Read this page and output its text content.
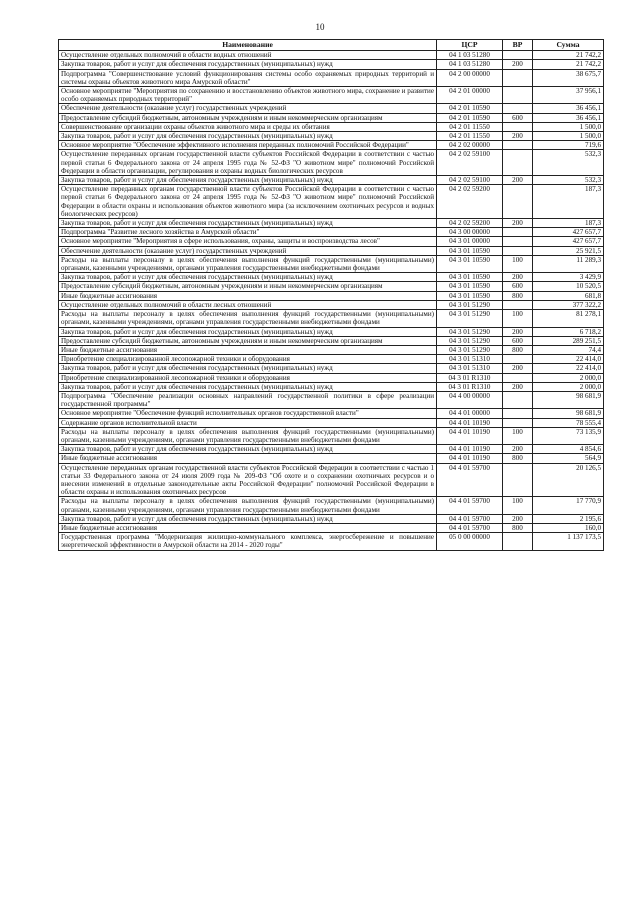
10
Наименование	ЦСР	ВР	Сумма
Осуществление отдельных полномочий в области водных отношений	04 1 03 51280		21 742,2
Закупка товаров, работ и услуг для обеспечения государственных (муниципальных) нужд	04 1 03 51280	200	21 742,2
Подпрограмма "Совершенствование условий функционирования системы особо охраняемых природных территорий и системы охраны объектов животного мира Амурской области"	04 2 00 00000		38 675,7
Основное мероприятие "Мероприятия по сохранению и восстановлению объектов животного мира, сохранение и развитие особо охраняемых природных территорий"	04 2 01 00000		37 956,1
Обеспечение деятельности (оказание услуг) государственных учреждений	04 2 01 10590		36 456,1
Предоставление субсидий бюджетным, автономным учреждениям и иным некоммерческим организациям	04 2 01 10590	600	36 456,1
Совершенствование организации охраны объектов животного мира и среды их обитания	04 2 01 11550		1 500,0
Закупка товаров, работ и услуг для обеспечения государственных (муниципальных) нужд	04 2 01 11550	200	1 500,0
Основное мероприятие "Обеспечение эффективного исполнения переданных полномочий Российской Федерации"	04 2 02 00000		719,6
Осуществление переданных органам государственной власти субъектов Российской Федерации в соответствии с частью первой статьи 6 Федерального закона от 24 апреля 1995 года № 52-ФЗ "О животном мире" полномочий Российской Федерации в области организации, регулирования и охраны водных биологических ресурсов	04 2 02 59100		532,3
Закупка товаров, работ и услуг для обеспечения государственных (муниципальных) нужд	04 2 02 59100	200	532,3
Осуществление переданных органам государственной власти субъектов Российской Федерации в соответствии с частью первой статьи 6 Федерального закона от 24 апреля 1995 года № 52-ФЗ "О животном мире" полномочий Российской Федерации в области охраны и использования объектов животного мира (за исключением охотничьих ресурсов и водных биологических ресурсов)	04 2 02 59200		187,3
Закупка товаров, работ и услуг для обеспечения государственных (муниципальных) нужд	04 2 02 59200	200	187,3
Подпрограмма "Развитие лесного хозяйства в Амурской области"	04 3 00 00000		427 657,7
Основное мероприятие "Мероприятия в сфере использования, охраны, защиты и воспроизводства лесов"	04 3 01 00000		427 657,7
Обеспечение деятельности (оказание услуг) государственных учреждений	04 3 01 10590		25 921,5
Расходы на выплаты персоналу в целях обеспечения выполнения функций государственными (муниципальными) органами, казенными учреждениями, органами управления государственными внебюджетными фондами	04 3 01 10590	100	11 289,3
Закупка товаров, работ и услуг для обеспечения государственных (муниципальных) нужд	04 3 01 10590	200	3 429,9
Предоставление субсидий бюджетным, автономным учреждениям и иным некоммерческим организациям	04 3 01 10590	600	10 520,5
Иные бюджетные ассигнования	04 3 01 10590	800	681,8
Осуществление отдельных полномочий в области лесных отношений	04 3 01 51290		377 322,2
Расходы на выплаты персоналу в целях обеспечения выполнения функций государственными (муниципальными) органами, казенными учреждениями, органами управления государственными внебюджетными фондами	04 3 01 51290	100	81 278,1
Закупка товаров, работ и услуг для обеспечения государственных (муниципальных) нужд	04 3 01 51290	200	6 718,2
Предоставление субсидий бюджетным, автономным учреждениям и иным некоммерческим организациям	04 3 01 51290	600	289 251,5
Иные бюджетные ассигнования	04 3 01 51290	800	74,4
Приобретение специализированной лесопожарной техники и оборудования	04 3 01 51310		22 414,0
Закупка товаров, работ и услуг для обеспечения государственных (муниципальных) нужд	04 3 01 51310	200	22 414,0
Приобретение специализированной лесопожарной техники и оборудования	04 3 01 R1310		2 000,0
Закупка товаров, работ и услуг для обеспечения государственных (муниципальных) нужд	04 3 01 R1310	200	2 000,0
Подпрограмма "Обеспечение реализации основных направлений государственной политики в сфере реализации государственной программы"	04 4 00 00000		98 681,9
Основное мероприятие "Обеспечение функций исполнительных органов государственной власти"	04 4 01 00000		98 681,9
Содержание органов исполнительной власти	04 4 01 10190		78 555,4
Расходы на выплаты персоналу в целях обеспечения выполнения функций государственными (муниципальными) органами, казенными учреждениями, органами управления государственными внебюджетными фондами	04 4 01 10190	100	73 135,9
Закупка товаров, работ и услуг для обеспечения государственных (муниципальных) нужд	04 4 01 10190	200	4 854,6
Иные бюджетные ассигнования	04 4 01 10190	800	564,9
Осуществление переданных органам государственной власти субъектов Российской Федерации в соответствии с частью 1 статьи 33 Федерального закона от 24 июля 2009 года № 209-ФЗ "Об охоте и о сохранении охотничьих ресурсов и о внесении изменений в отдельные законодательные акты Российской Федерации" полномочий Российской Федерации в области охраны и использования охотничьих ресурсов	04 4 01 59700		20 126,5
Расходы на выплаты персоналу в целях обеспечения выполнения функций государственными (муниципальными) органами, казенными учреждениями, органами управления государственными внебюджетными фондами	04 4 01 59700	100	17 770,9
Закупка товаров, работ и услуг для обеспечения государственных (муниципальных) нужд	04 4 01 59700	200	2 195,6
Иные бюджетные ассигнования	04 4 01 59700	800	160,0
Государственная программа "Модернизация жилищно-коммунального комплекса, энергосбережение и повышение энергетической эффективности в Амурской области на 2014 - 2020 годы"	05 0 00 00000		1 137 173,5
